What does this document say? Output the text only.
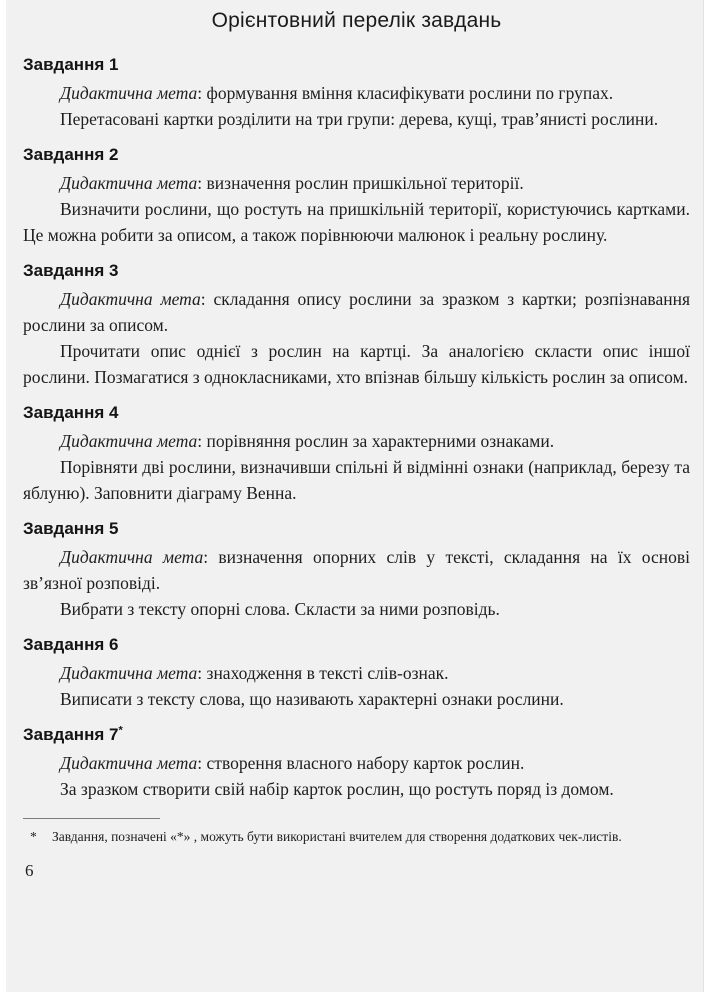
Орієнтовний перелік завдань
Завдання 1

Дидактична мета: формування вміння класифікувати рослини по групах.

Перетасовані картки розділити на три групи: дерева, кущі, трав’янисті рослини.

Завдання 2

Дидактична мета: визначення рослин пришкільної території.

Визначити рослини, що ростуть на пришкільній території, користуючись картками. Це можна робити за описом, а також порівнюючи малюнок і реальну рослину.

Завдання 3

Дидактична мета: складання опису рослини за зразком з картки; розпізнавання рослини за описом.

Прочитати опис однієї з рослин на картці. За аналогією скласти опис іншої рослини. Позмагатися з однокласниками, хто впізнав більшу кількість рослин за описом.

Завдання 4

Дидактична мета: порівняння рослин за характерними ознаками.

Порівняти дві рослини, визначивши спільні й відмінні ознаки (наприклад, березу та яблуню). Заповнити діаграму Венна.

Завдання 5

Дидактична мета: визначення опорних слів у тексті, складання на їх основі зв’язної розповіді.

Вибрати з тексту опорні слова. Скласти за ними розповідь.

Завдання 6

Дидактична мета: знаходження в тексті слів-ознак.

Виписати з тексту слова, що називають характерні ознаки рослини.

Завдання 7*

Дидактична мета: створення власного набору карток рослин.

За зразком створити свій набір карток рослин, що ростуть поряд із домом.

*	Завдання, позначені «*» , можуть бути використані вчителем для створення додаткових чек-листів.
6
